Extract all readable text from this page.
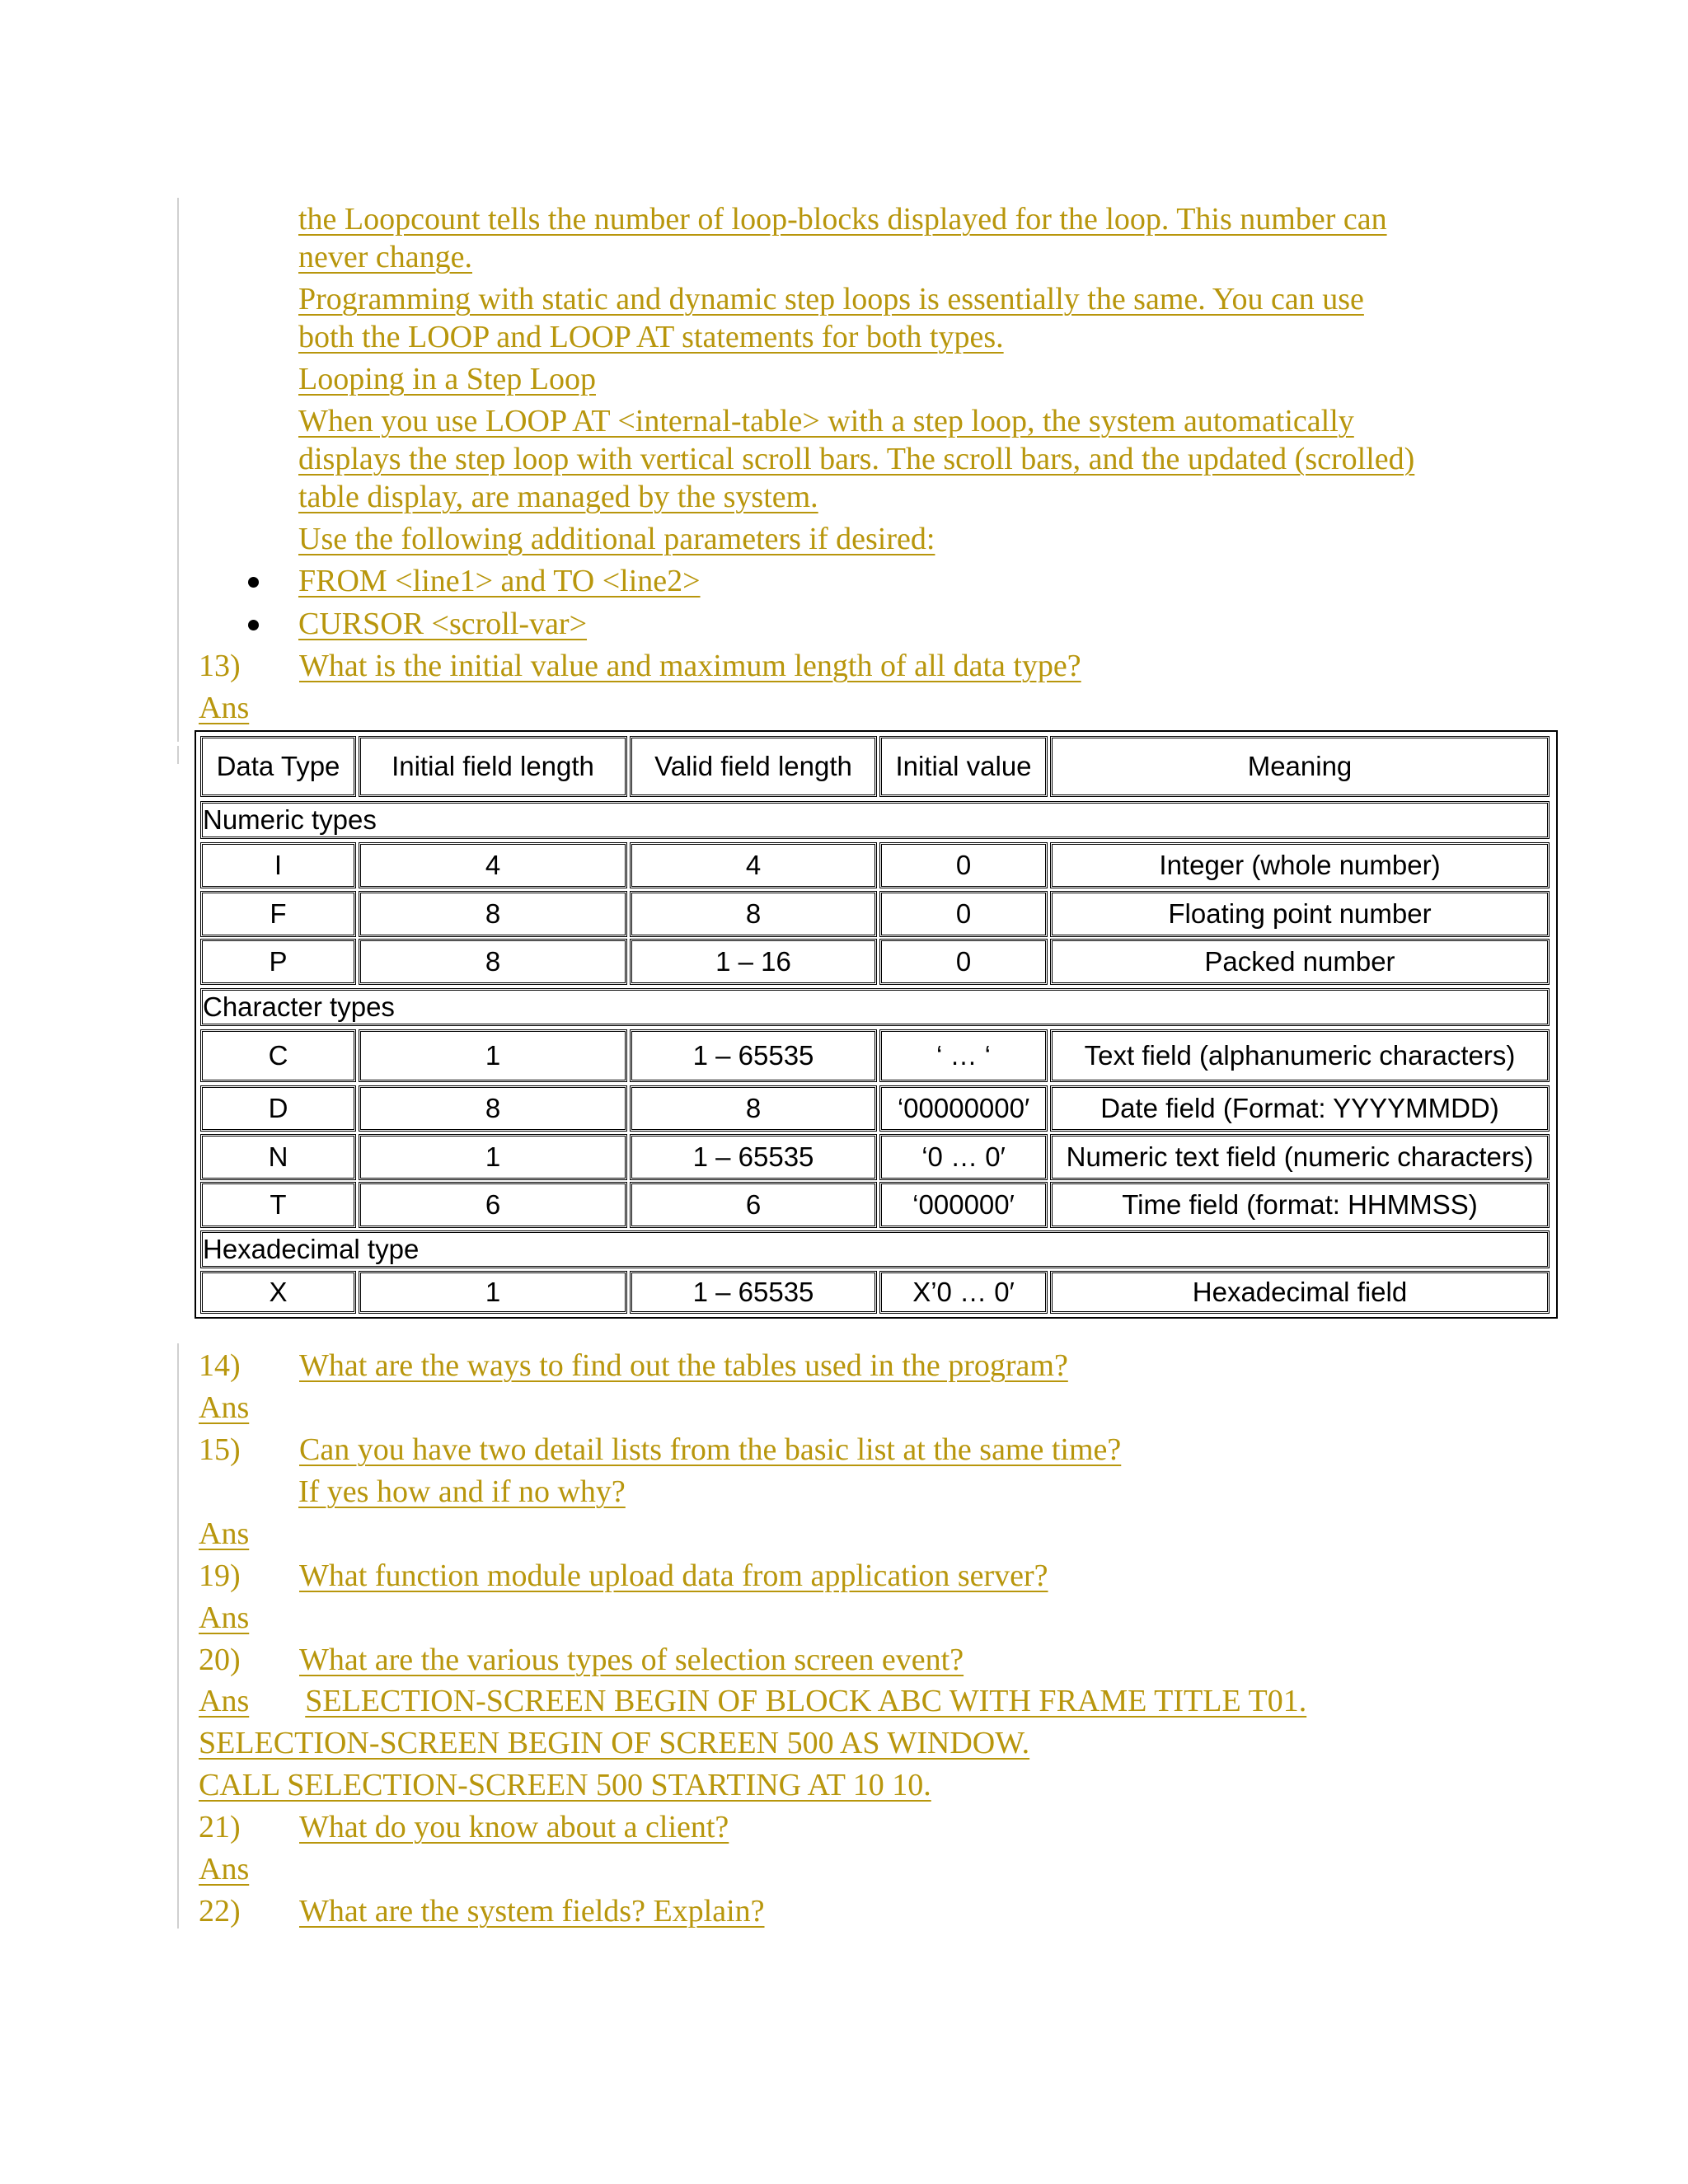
the Loopcount tells the number of loop-blocks displayed for the loop. This number can
never change.
Programming with static and dynamic step loops is essentially the same. You can use
both the LOOP and LOOP AT statements for both types.
Looping in a Step Loop
When you use LOOP AT <internal-table> with a step loop, the system automatically
displays the step loop with vertical scroll bars. The scroll bars, and the updated (scrolled)
table display, are managed by the system.
Use the following additional parameters if desired:
FROM <line1> and TO <line2>
CURSOR <scroll-var>
13) What is the initial value and maximum length of all data type?
Ans
Data Type	Initial field length	Valid field length	Initial value	Meaning
Numeric types
I	4	4	0	Integer (whole number)
F	8	8	0	Floating point number
P	8	1 – 16	0	Packed number
Character types
C	1	1 – 65535	‘ … ‘	Text field (alphanumeric characters)
D	8	8	‘00000000′	Date field (Format: YYYYMMDD)
N	1	1 – 65535	‘0 … 0′	Numeric text field (numeric characters)
T	6	6	‘000000′	Time field (format: HHMMSS)
Hexadecimal type
X	1	1 – 65535	X’0 … 0′	Hexadecimal field
14) What are the ways to find out the tables used in the program?
Ans
15) Can you have two detail lists from the basic list at the same time?
If yes how and if no why?
Ans
19) What function module upload data from application server?
Ans
20) What are the various types of selection screen event?
Ans SELECTION-SCREEN BEGIN OF BLOCK ABC WITH FRAME TITLE T01.
SELECTION-SCREEN BEGIN OF SCREEN 500 AS WINDOW.
CALL SELECTION-SCREEN 500 STARTING AT 10 10.
21) What do you know about a client?
Ans
22) What are the system fields? Explain?
